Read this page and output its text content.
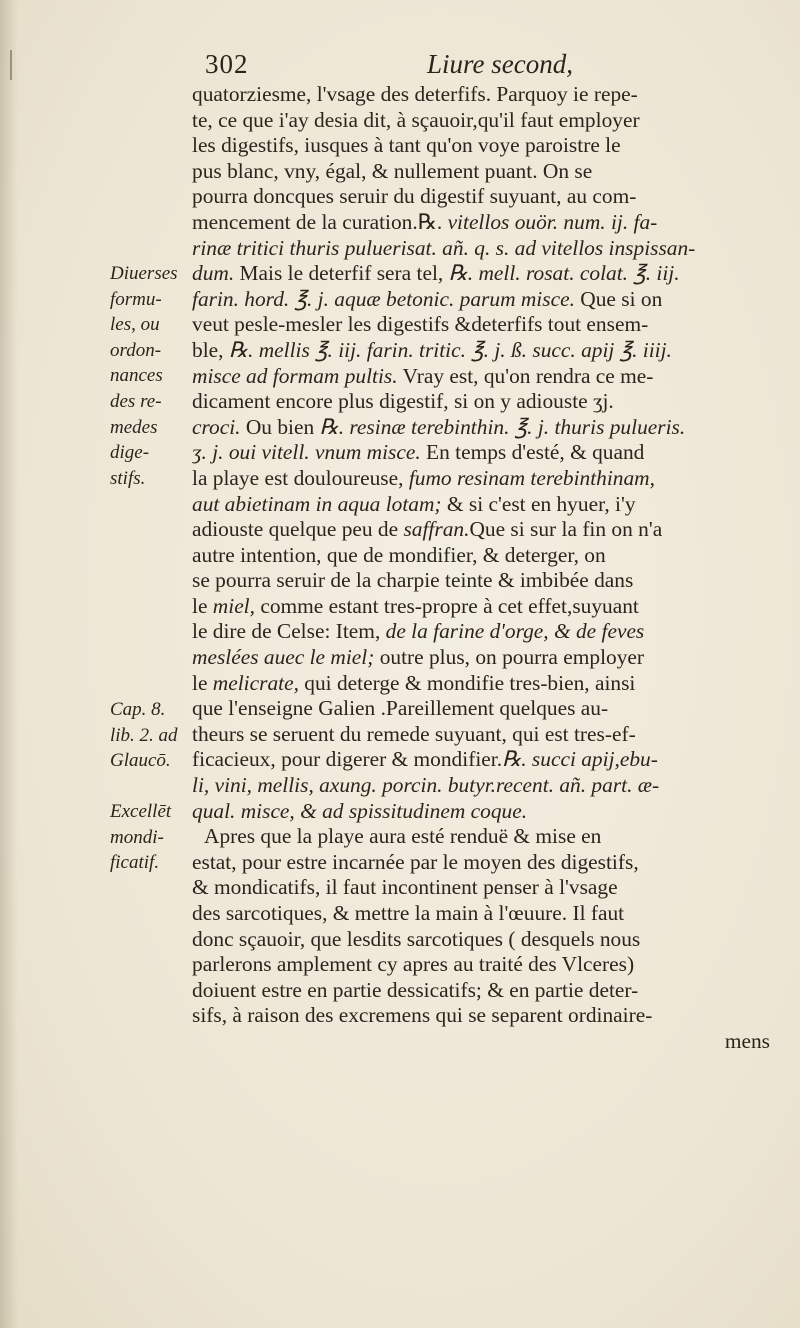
302	Liure second,
quatorziesme, l'vsage des deterfifs. Parquoy ie repe-
te, ce que i'ay desia dit, à sçauoir,qu'il faut employer
les digestifs, iusques à tant qu'on voye paroistre le
pus blanc, vny, égal, & nullement puant. On se
pourra doncques seruir du digestif suyuant, au com-
mencement de la curation.℞. vitellos ouör. num. ij. fa-
rinæ tritici thuris puluerisat. añ. q. s. ad vitellos inspissan-
dum. Mais le deterfif sera tel, ℞. mell. rosat. colat. ℥. iij.
farin. hord. ℥. j. aquæ betonic. parum misce. Que si on
veut pesle-mesler les digestifs &deterfifs tout ensem-
ble, ℞. mellis ℥. iij. farin. tritic. ℥. j. ß. succ. apij ℥. iiij.
misce ad formam pultis. Vray est, qu'on rendra ce me-
dicament encore plus digestif, si on y adiouste ʒj.
croci. Ou bien ℞. resinæ terebinthin. ℥. j. thuris pulueris.
ʒ. j. oui vitell. vnum misce. En temps d'esté, & quand
la playe est douloureuse, fumo resinam terebinthinam,
aut abietinam in aqua lotam; & si c'est en hyuer, i'y
adiouste quelque peu de saffran.Que si sur la fin on n'a
autre intention, que de mondifier, & deterger, on
se pourra seruir de la charpie teinte & imbibée dans
le miel, comme estant tres-propre à cet effet,suyuant
le dire de Celse: Item, de la farine d'orge, & de feves
meslées auec le miel; outre plus, on pourra employer
le melicrate, qui deterge & mondifie tres-bien, ainsi
que l'enseigne Galien .Pareillement quelques au-
theurs se seruent du remede suyuant, qui est tres-ef-
ficacieux, pour digerer & mondifier.℞. succi apij,ebu-
li, vini, mellis, axung. porcin. butyr.recent. añ. part. æ-
qual. misce, & ad spissitudinem coque.
Apres que la playe aura esté renduë & mise en
estat, pour estre incarnée par le moyen des digestifs,
& mondicatifs, il faut incontinent penser à l'vsage
des sarcotiques, & mettre la main à l'œuure. Il faut
donc sçauoir, que lesdits sarcotiques ( desquels nous
parlerons amplement cy apres au traité des Vlceres)
doiuent estre en partie dessicatifs; & en partie deter-
sifs, à raison des excremens qui se separent ordinaire-
mens
Diuerses
formu-
les, ou
ordon-
nances
des re-
medes
dige-
stifs.
Cap. 8.
lib. 2. ad
Glaucō.
Excellēt
mondi-
ficatif.
